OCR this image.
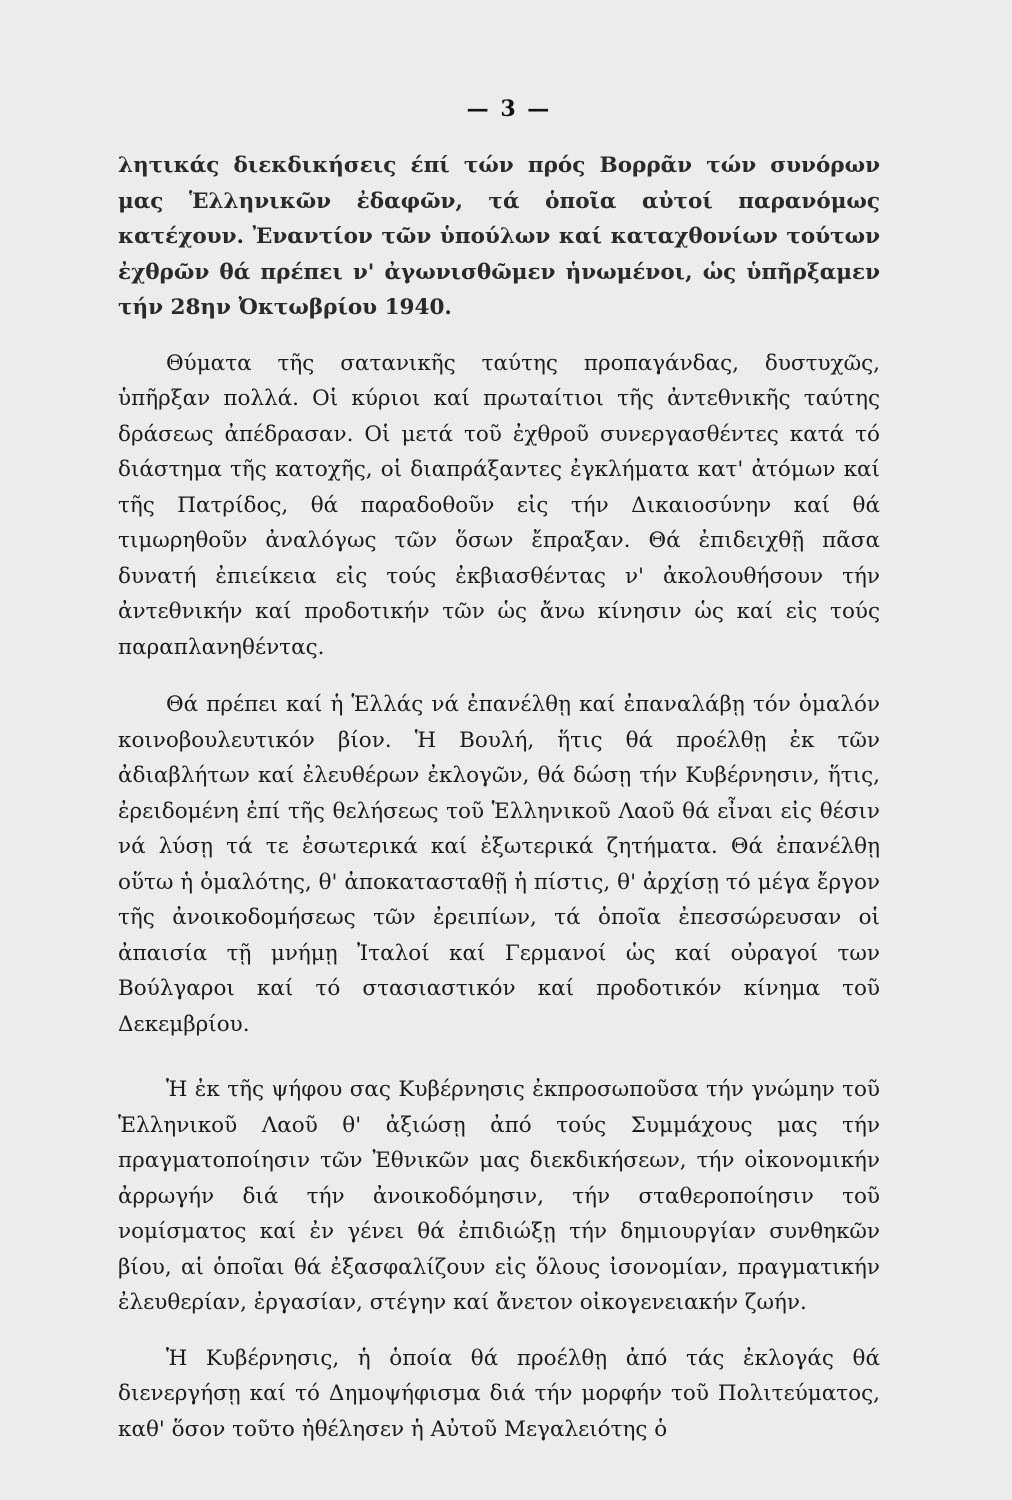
— 3 —

λητικάς διεκδικήσεις έπί τών πρός Βορρᾶν τών συνόρων μας Ἑλληνικῶν ἐδαφῶν, τά ὁποῖα αὐτοί παρανόμως κατέχουν. Ἐναντίον τῶν ὑπούλων καί καταχθονίων τούτων ἐχθρῶν θά πρέπει ν' ἀγωνισθῶμεν ἡνωμένοι, ὡς ὑπῆρξαμεν τήν 28ην Ὀκτωβρίου 1940.

Θύματα τῆς σατανικῆς ταύτης προπαγάνδας, δυστυχῶς, ὑπῆρξαν πολλά. Οἱ κύριοι καί πρωταίτιοι τῆς ἀντεθνικῆς ταύτης δράσεως ἀπέδρασαν. Οἱ μετά τοῦ ἐχθροῦ συνεργασθέντες κατά τό διάστημα τῆς κατοχῆς, οἱ διαπράξαντες ἐγκλήματα κατ' ἀτόμων καί τῆς Πατρίδος, θά παραδοθοῦν εἰς τήν Δικαιοσύνην καί θά τιμωρηθοῦν ἀναλόγως τῶν ὅσων ἔπραξαν. Θά ἐπιδειχθῇ πᾶσα δυνατή ἐπιείκεια εἰς τούς ἐκβιασθέντας ν' ἀκολουθήσουν τήν ἀντεθνικήν καί προδοτικήν τῶν ὡς ἄνω κίνησιν ὡς καί εἰς τούς παραπλανηθέντας.

Θά πρέπει καί ἡ Ἑλλάς νά ἐπανέλθῃ καί ἐπαναλάβῃ τόν ὁμαλόν κοινοβουλευτικόν βίον. Ἡ Βουλή, ἥτις θά προέλθῃ ἐκ τῶν ἀδιαβλήτων καί ἐλευθέρων ἐκλογῶν, θά δώσῃ τήν Κυβέρνησιν, ἥτις, ἐρειδομένη ἐπί τῆς θελήσεως τοῦ Ἑλληνικοῦ Λαοῦ θά εἶναι εἰς θέσιν νά λύσῃ τά τε ἐσωτερικά καί ἐξωτερικά ζητήματα. Θά ἐπανέλθῃ οὕτω ἡ ὁμαλότης, θ' ἀποκατασταθῇ ἡ πίστις, θ' ἀρχίσῃ τό μέγα ἔργον τῆς ἀνοικοδομήσεως τῶν ἐρειπίων, τά ὁποῖα ἐπεσσώρευσαν οἱ ἀπαισία τῇ μνήμῃ Ἰταλοί καί Γερμανοί ὡς καί οὐραγοί των Βούλγαροι καί τό στασιαστικόν καί προδοτικόν κίνημα τοῦ Δεκεμβρίου.

Ἡ ἐκ τῆς ψήφου σας Κυβέρνησις ἐκπροσωποῦσα τήν γνώμην τοῦ Ἑλληνικοῦ Λαοῦ θ' ἀξιώσῃ ἀπό τούς Συμμάχους μας τήν πραγματοποίησιν τῶν Ἐθνικῶν μας διεκδικήσεων, τήν οἰκονομικήν ἀρρωγήν διά τήν ἀνοικοδόμησιν, τήν σταθεροποίησιν τοῦ νομίσματος καί ἐν γένει θά ἐπιδιώξῃ τήν δημιουργίαν συνθηκῶν βίου, αἱ ὁποῖαι θά ἐξασφαλίζουν εἰς ὅλους ἰσονομίαν, πραγματικήν ἐλευθερίαν, ἐργασίαν, στέγην καί ἄνετον οἰκογενειακήν ζωήν.

Ἡ Κυβέρνησις, ἡ ὁποία θά προέλθῃ ἀπό τάς ἐκλογάς θά διενεργήσῃ καί τό Δημοψήφισμα διά τήν μορφήν τοῦ Πολιτεύματος, καθ' ὅσον τοῦτο ἠθέλησεν ἡ Αὐτοῦ Μεγαλειότης ὁ
